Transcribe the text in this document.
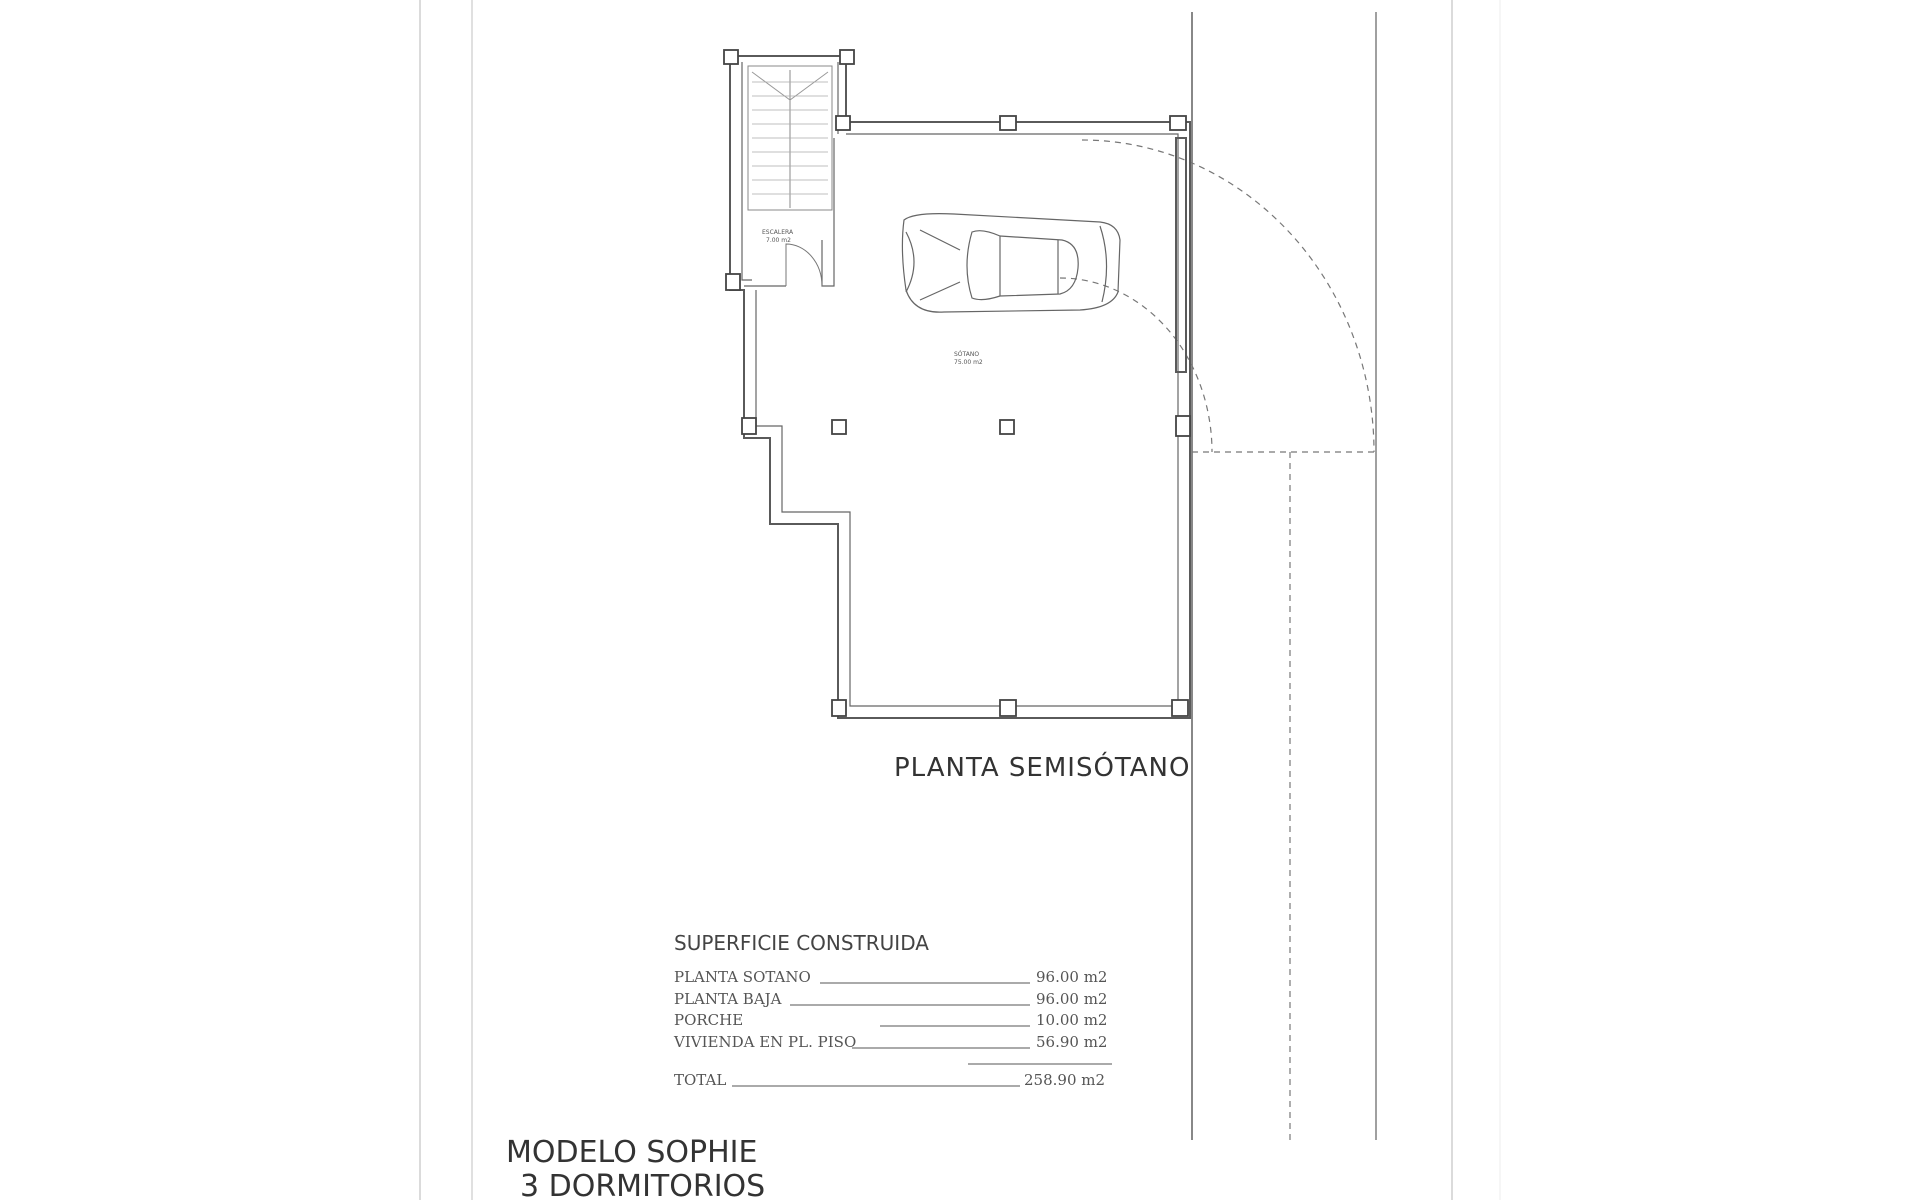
ESCALERA
7.00 m2
SÓTANO
75.00 m2
PLANTA SEMISÓTANO
SUPERFICIE CONSTRUIDA
PLANTA SOTANO	96.00 m2
PLANTA BAJA	96.00 m2
PORCHE	10.00 m2
VIVIENDA EN PL. PISO	56.90 m2
TOTAL	258.90 m2
MODELO SOPHIE
3 DORMITORIOS
